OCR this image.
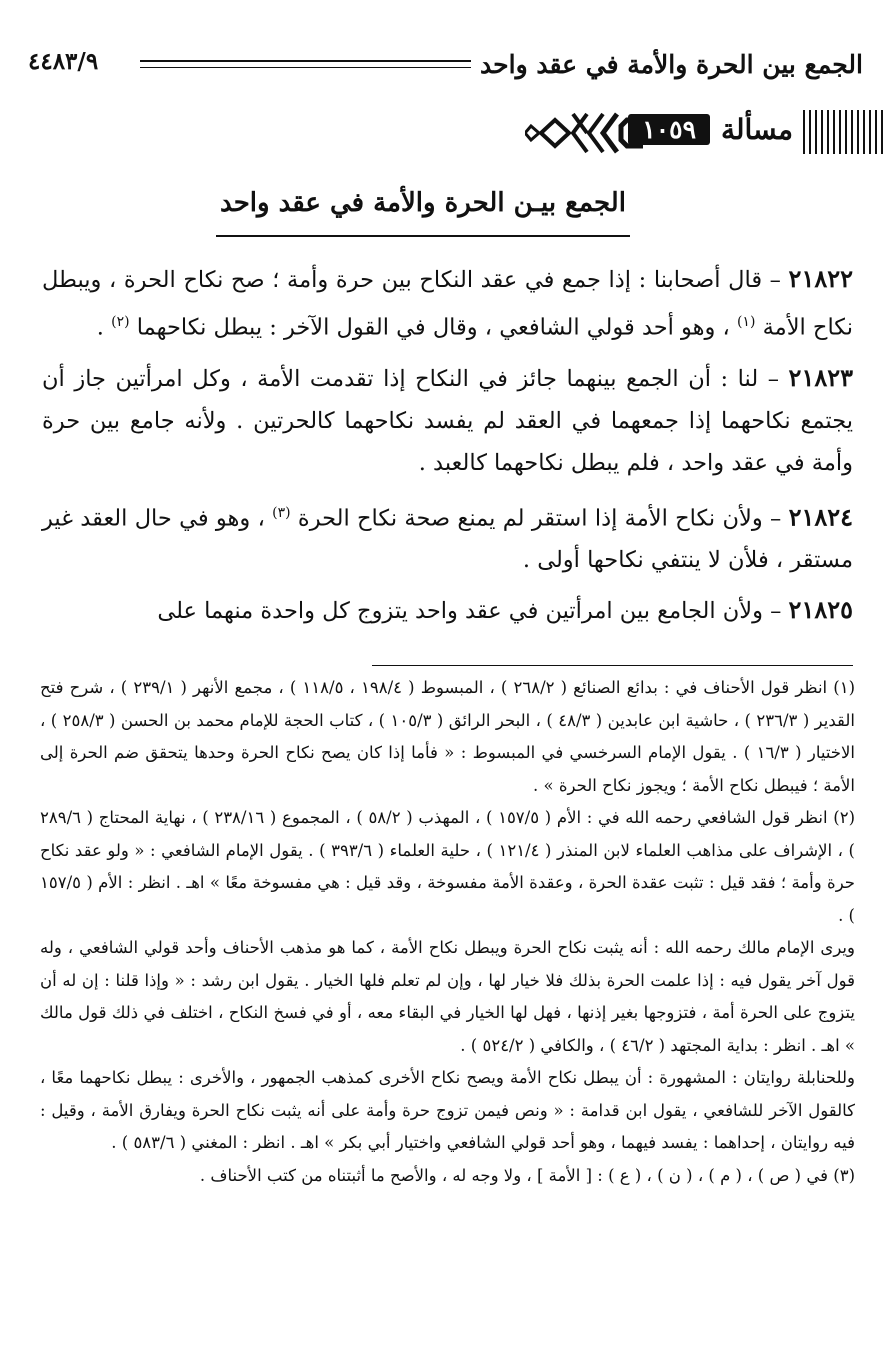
الجمع بين الحرة والأمة في عقد واحد
٤٤٨٣/٩
مسألة
١٠٥٩
الجمع بيـن الحرة والأمة في عقد واحد

٢١٨٢٢ – قال أصحابنا : إذا جمع في عقد النكاح بين حرة وأمة ؛ صح نكاح الحرة ، ويبطل نكاح الأمة $^{(١)}$ ، وهو أحد قولي الشافعي ، وقال في القول الآخر : يبطل نكاحهما $^{(٢)}$ .

٢١٨٢٣ – لنا : أن الجمع بينهما جائز في النكاح إذا تقدمت الأمة ، وكل امرأتين جاز أن يجتمع نكاحهما إذا جمعهما في العقد لم يفسد نكاحهما كالحرتين . ولأنه جامع بين حرة وأمة في عقد واحد ، فلم يبطل نكاحهما كالعبد .

٢١٨٢٤ – ولأن نكاح الأمة إذا استقر لم يمنع صحة نكاح الحرة $^{(٣)}$ ، وهو في حال العقد غير مستقر ، فلأن لا ينتفي نكاحها أولى .

٢١٨٢٥ – ولأن الجامع بين امرأتين في عقد واحد يتزوج كل واحدة منهما على

(١) انظر قول الأحناف في : بدائع الصنائع ( ٢٦٨/٢ ) ، المبسوط ( ١٩٨/٤ ، ١١٨/٥ ) ، مجمع الأنهر ( ٢٣٩/١ ) ، شرح فتح القدير ( ٢٣٦/٣ ) ، حاشية ابن عابدين ( ٤٨/٣ ) ، البحر الرائق ( ١٠٥/٣ ) ، كتاب الحجة للإمام محمد بن الحسن ( ٢٥٨/٣ ) ، الاختيار ( ١٦/٣ ) . يقول الإمام السرخسي في المبسوط : « فأما إذا كان يصح نكاح الحرة وحدها يتحقق ضم الحرة إلى الأمة ؛ فيبطل نكاح الأمة ؛ ويجوز نكاح الحرة » .

(٢) انظر قول الشافعي رحمه الله في : الأم ( ١٥٧/٥ ) ، المهذب ( ٥٨/٢ ) ، المجموع ( ٢٣٨/١٦ ) ، نهاية المحتاج ( ٢٨٩/٦ ) ، الإشراف على مذاهب العلماء لابن المنذر ( ١٢١/٤ ) ، حلية العلماء ( ٣٩٣/٦ ) . يقول الإمام الشافعي : « ولو عقد نكاح حرة وأمة ؛ فقد قيل : تثبت عقدة الحرة ، وعقدة الأمة مفسوخة ، وقد قيل : هي مفسوخة معًا » اهـ . انظر : الأم ( ١٥٧/٥ ) .

ويرى الإمام مالك رحمه الله : أنه يثبت نكاح الحرة ويبطل نكاح الأمة ، كما هو مذهب الأحناف وأحد قولي الشافعي ، وله قول آخر يقول فيه : إذا علمت الحرة بذلك فلا خيار لها ، وإن لم تعلم فلها الخيار . يقول ابن رشد : « وإذا قلنا : إن له أن يتزوج على الحرة أمة ، فتزوجها بغير إذنها ، فهل لها الخيار في البقاء معه ، أو في فسخ النكاح ، اختلف في ذلك قول مالك » اهـ . انظر : بداية المجتهد ( ٤٦/٢ ) ، والكافي ( ٥٢٤/٢ ) .

وللحنابلة روايتان : المشهورة : أن يبطل نكاح الأمة ويصح نكاح الأخرى كمذهب الجمهور ، والأخرى : يبطل نكاحهما معًا ، كالقول الآخر للشافعي ، يقول ابن قدامة : « ونص فيمن تزوج حرة وأمة على أنه يثبت نكاح الحرة ويفارق الأمة ، وقيل : فيه روايتان ، إحداهما : يفسد فيهما ، وهو أحد قولي الشافعي واختيار أبي بكر » اهـ . انظر : المغني ( ٥٨٣/٦ ) .

(٣) في ( ص ) ، ( م ) ، ( ن ) ، ( ع ) : [ الأمة ] ، ولا وجه له ، والأصح ما أثبتناه من كتب الأحناف .
